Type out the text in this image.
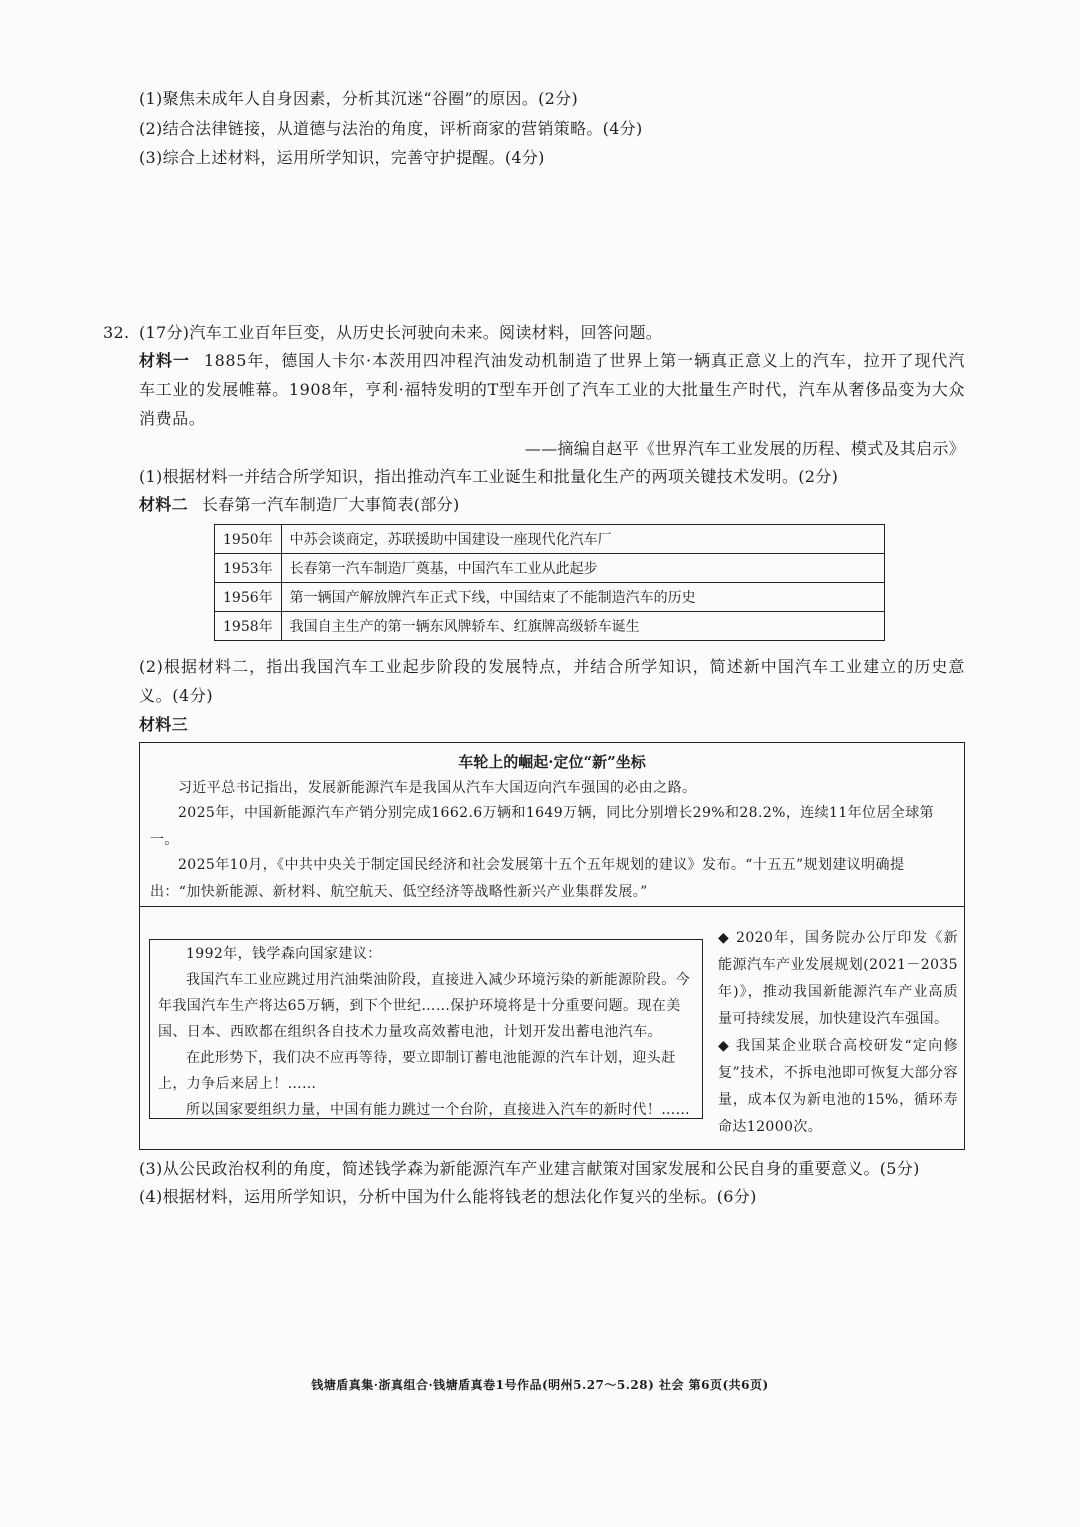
(1)聚焦未成年人自身因素，分析其沉迷“谷圈”的原因。(2分)
(2)结合法律链接，从道德与法治的角度，评析商家的营销策略。(4分)
(3)综合上述材料，运用所学知识，完善守护提醒。(4分)
32. (17分)汽车工业百年巨变，从历史长河驶向未来。阅读材料，回答问题。
材料一 1885年，德国人卡尔·本茨用四冲程汽油发动机制造了世界上第一辆真正意义上的汽车，拉开了现代汽车工业的发展帷幕。1908年，亨利·福特发明的T型车开创了汽车工业的大批量生产时代，汽车从奢侈品变为大众消费品。
——摘编自赵平《世界汽车工业发展的历程、模式及其启示》
(1)根据材料一并结合所学知识，指出推动汽车工业诞生和批量化生产的两项关键技术发明。(2分)
材料二 长春第一汽车制造厂大事简表(部分)
1950年	中苏会谈商定，苏联援助中国建设一座现代化汽车厂
1953年	长春第一汽车制造厂奠基，中国汽车工业从此起步
1956年	第一辆国产解放牌汽车正式下线，中国结束了不能制造汽车的历史
1958年	我国自主生产的第一辆东风牌轿车、红旗牌高级轿车诞生
(2)根据材料二，指出我国汽车工业起步阶段的发展特点，并结合所学知识，简述新中国汽车工业建立的历史意义。(4分)
材料三
车轮上的崛起·定位“新”坐标
习近平总书记指出，发展新能源汽车是我国从汽车大国迈向汽车强国的必由之路。
2025年，中国新能源汽车产销分别完成1662.6万辆和1649万辆，同比分别增长29%和28.2%，连续11年位居全球第一。
2025年10月，《中共中央关于制定国民经济和社会发展第十五个五年规划的建议》发布。“十五五”规划建议明确提出：“加快新能源、新材料、航空航天、低空经济等战略性新兴产业集群发展。”
1992年，钱学森向国家建议：
我国汽车工业应跳过用汽油柴油阶段，直接进入减少环境污染的新能源阶段。今年我国汽车生产将达65万辆，到下个世纪……保护环境将是十分重要问题。现在美国、日本、西欧都在组织各自技术力量攻高效蓄电池，计划开发出蓄电池汽车。
在此形势下，我们决不应再等待，要立即制订蓄电池能源的汽车计划，迎头赶上，力争后来居上！……
所以国家要组织力量，中国有能力跳过一个台阶，直接进入汽车的新时代！……
◆ 2020年，国务院办公厅印发《新能源汽车产业发展规划(2021－2035年)》，推动我国新能源汽车产业高质量可持续发展，加快建设汽车强国。
◆ 我国某企业联合高校研发“定向修复”技术，不拆电池即可恢复大部分容量，成本仅为新电池的15%，循环寿命达12000次。
(3)从公民政治权利的角度，简述钱学森为新能源汽车产业建言献策对国家发展和公民自身的重要意义。(5分)
(4)根据材料，运用所学知识，分析中国为什么能将钱老的想法化作复兴的坐标。(6分)
钱塘盾真集·浙真组合·钱塘盾真卷1号作品(明州5.27～5.28) 社会 第6页(共6页)
